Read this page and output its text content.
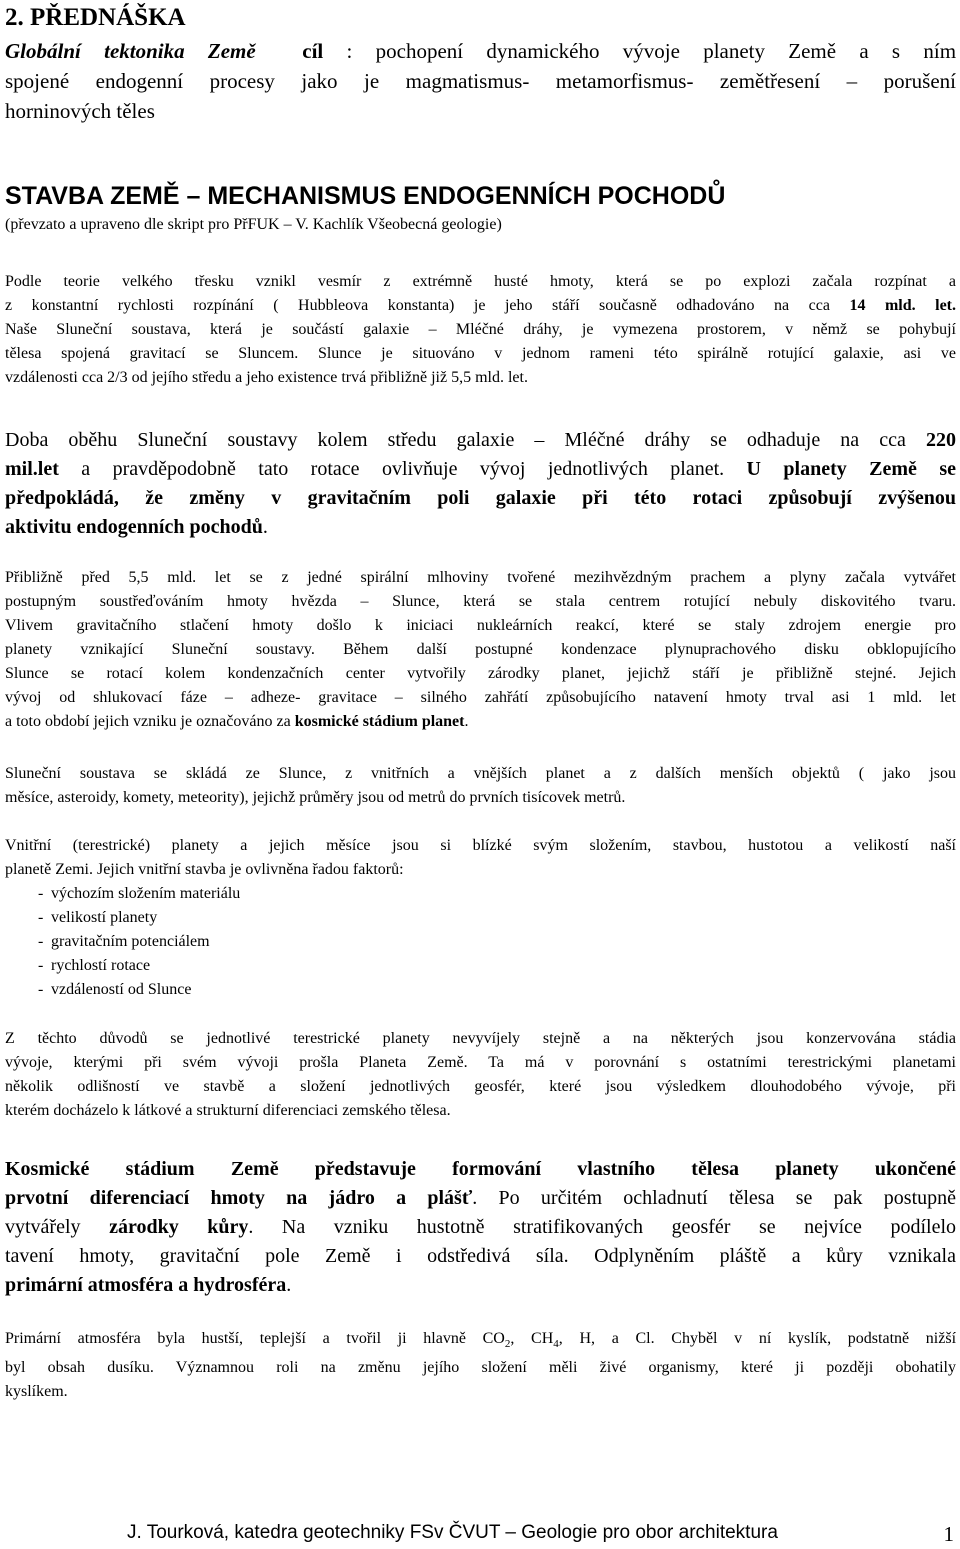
2. PŘEDNÁŠKA
Globální tektonika Země cíl : pochopení dynamického vývoje planety Země a s ním
spojené endogenní procesy jako je magmatismus- metamorfismus- zemětřesení – porušení
horninových těles
STAVBA ZEMĚ – MECHANISMUS ENDOGENNÍCH POCHODŮ
(převzato a upraveno dle skript pro PřFUK – V. Kachlík Všeobecná geologie)
Podle teorie velkého třesku vznikl vesmír z extrémně husté hmoty, která se po explozi začala rozpínat a
z konstantní rychlosti rozpínání ( Hubbleova konstanta) je jeho stáří současně odhadováno na cca 14 mld. let.
Naše Sluneční soustava, která je součástí galaxie – Mléčné dráhy, je vymezena prostorem, v němž se pohybují
tělesa spojená gravitací se Sluncem. Slunce je situováno v jednom rameni této spirálně rotující galaxie, asi ve
vzdálenosti cca 2/3 od jejího středu a jeho existence trvá přibližně již 5,5 mld. let.
Doba oběhu Sluneční soustavy kolem středu galaxie – Mléčné dráhy se odhaduje na cca 220
mil.let a pravděpodobně tato rotace ovlivňuje vývoj jednotlivých planet. U planety Země se
předpokládá, že změny v gravitačním poli galaxie při této rotaci způsobují zvýšenou
aktivitu endogenních pochodů.
Přibližně před 5,5 mld. let se z jedné spirální mlhoviny tvořené mezihvězdným prachem a plyny začala vytvářet
postupným soustřeďováním hmoty hvězda – Slunce, která se stala centrem rotující nebuly diskovitého tvaru.
Vlivem gravitačního stlačení hmoty došlo k iniciaci nukleárních reakcí, které se staly zdrojem energie pro
planety vznikající Sluneční soustavy. Během další postupné kondenzace plynuprachového disku obklopujícího
Slunce se rotací kolem kondenzačních center vytvořily zárodky planet, jejichž stáří je přibližně stejné. Jejich
vývoj od shlukovací fáze – adheze- gravitace – silného zahřátí způsobujícího natavení hmoty trval asi 1 mld. let
a toto období jejich vzniku je označováno za kosmické stádium planet.
Sluneční soustava se skládá ze Slunce, z vnitřních a vnějších planet a z dalších menších objektů ( jako jsou
měsíce, asteroidy, komety, meteority), jejichž průměry jsou od metrů do prvních tisícovek metrů.
Vnitřní (terestrické) planety a jejich měsíce jsou si blízké svým složením, stavbou, hustotou a velikostí naší
planetě Zemi. Jejich vnitřní stavba je ovlivněna řadou faktorů:
- výchozím složením materiálu
- velikostí planety
- gravitačním potenciálem
- rychlostí rotace
- vzdáleností od Slunce
Z těchto důvodů se jednotlivé terestrické planety nevyvíjely stejně a na některých jsou konzervována stádia
vývoje, kterými při svém vývoji prošla Planeta Země. Ta má v porovnání s ostatními terestrickými planetami
několik odlišností ve stavbě a složení jednotlivých geosfér, které jsou výsledkem dlouhodobého vývoje, při
kterém docházelo k látkové a strukturní diferenciaci zemského tělesa.
Kosmické stádium Země představuje formování vlastního tělesa planety ukončené
prvotní diferenciací hmoty na jádro a plášť. Po určitém ochladnutí tělesa se pak postupně
vytvářely zárodky kůry. Na vzniku hustotně stratifikovaných geosfér se nejvíce podílelo
tavení hmoty, gravitační pole Země i odstředivá síla. Odplyněním pláště a kůry vznikala
primární atmosféra a hydrosféra.
Primární atmosféra byla hustší, teplejší a tvořil ji hlavně $CO_2$, $CH_4$, H, a Cl. Chyběl v ní kyslík, podstatně nižší
byl obsah dusíku. Významnou roli na změnu jejího složení měli živé organismy, které ji později obohatily
kyslíkem.
J. Tourková, katedra geotechniky FSv ČVUT – Geologie pro obor architektura	1
